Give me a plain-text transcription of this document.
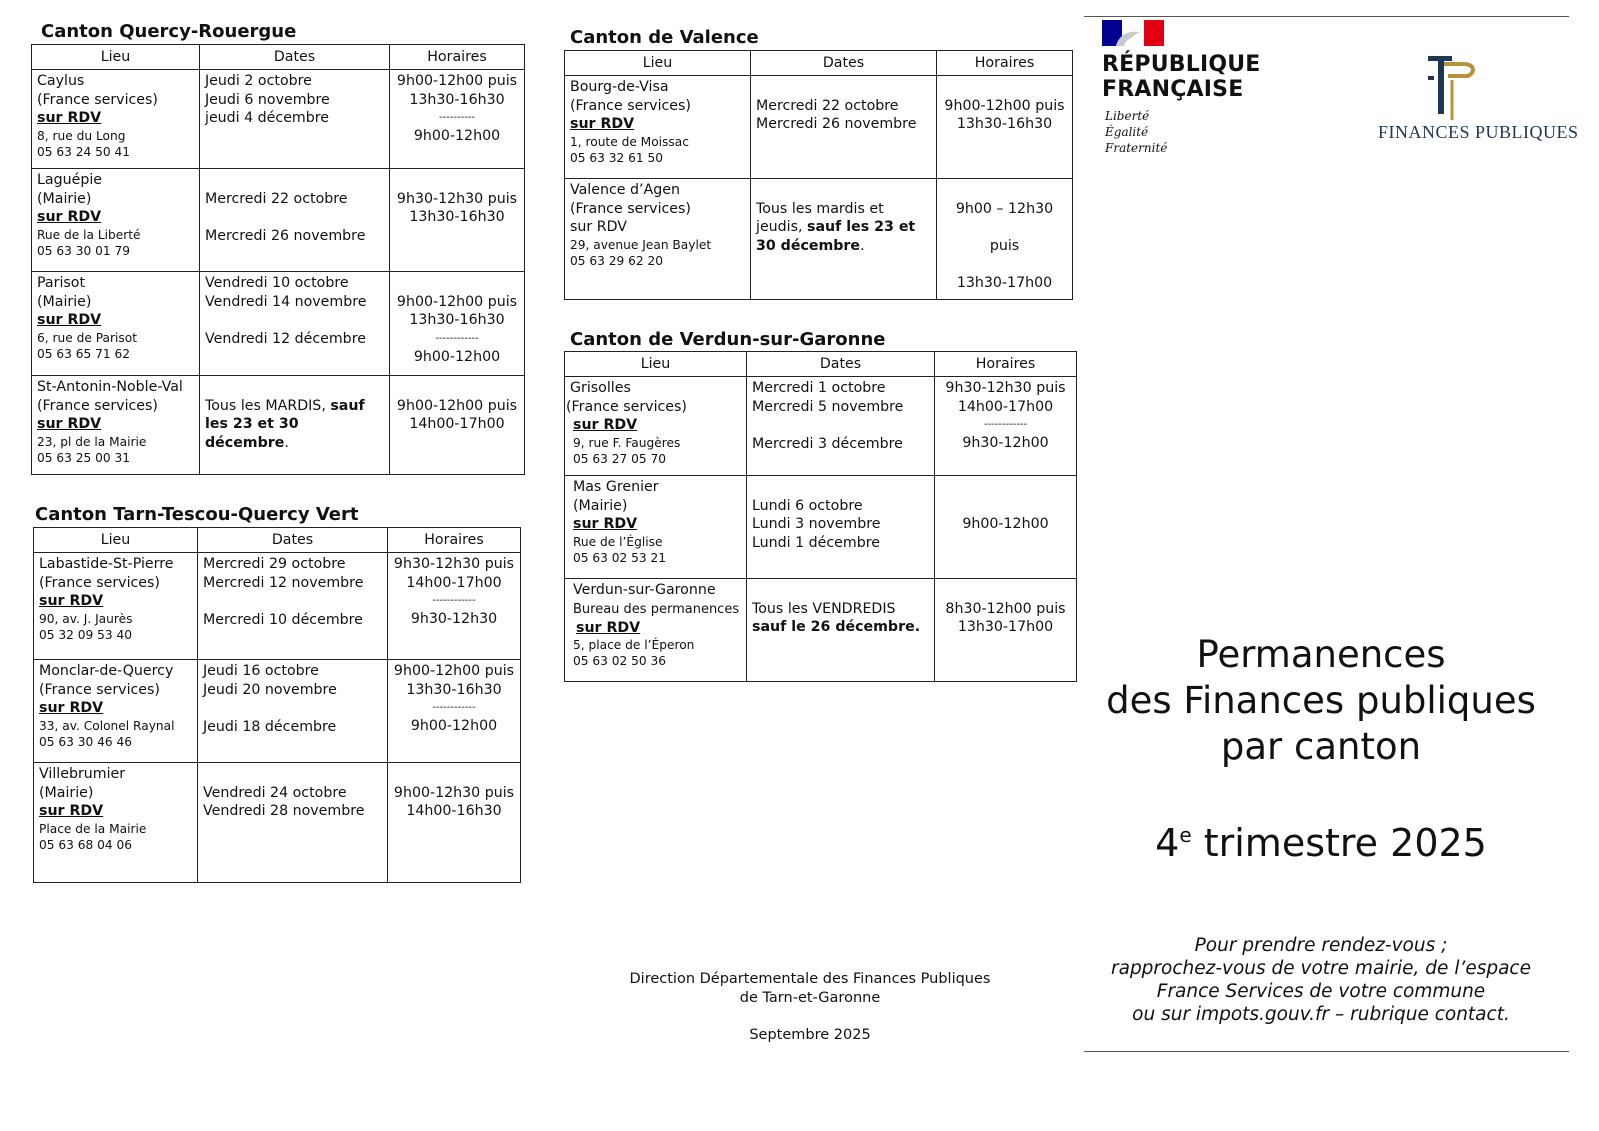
Canton Quercy-Rouergue
Lieu	Dates	Horaires

Caylus
(France services)
sur RDV
8, rue du Long
05 63 24 50 41	Jeudi 2 octobre
Jeudi 6 novembre
jeudi 4 décembre	9h00-12h00 puis
13h30-16h30
----------
9h00-12h00

Laguépie
(Mairie)
sur RDV
Rue de la Liberté
05 63 30 01 79	Mercredi 22 octobre
Mercredi 26 novembre	9h30-12h30 puis
13h30-16h30

Parisot
(Mairie)
sur RDV
6, rue de Parisot
05 63 65 71 62	Vendredi 10 octobre
Vendredi 14 novembre
Vendredi 12 décembre	9h00-12h00 puis
13h30-16h30
------------
9h00-12h00

St-Antonin-Noble-Val
(France services)
sur RDV
23, pl de la Mairie
05 63 25 00 31	Tous les MARDIS, sauf les 23 et 30 décembre.	9h00-12h00 puis
14h00-17h00
Canton Tarn-Tescou-Quercy Vert
Lieu	Dates	Horaires

Labastide-St-Pierre
(France services)
sur RDV
90, av. J. Jaurès
05 32 09 53 40	Mercredi 29 octobre
Mercredi 12 novembre
Mercredi 10 décembre	9h30-12h30 puis
14h00-17h00
------------
9h30-12h30

Monclar-de-Quercy
(France services)
sur RDV
33, av. Colonel Raynal
05 63 30 46 46	Jeudi 16 octobre
Jeudi 20 novembre
Jeudi 18 décembre	9h00-12h00 puis
13h30-16h30
------------
9h00-12h00

Villebrumier
(Mairie)
sur RDV
Place de la Mairie
05 63 68 04 06	Vendredi 24 octobre
Vendredi 28 novembre	9h00-12h30 puis
14h00-16h30
Canton de Valence
Lieu	Dates	Horaires

Bourg-de-Visa
(France services)
sur RDV
1, route de Moissac
05 63 32 61 50	Mercredi 22 octobre
Mercredi 26 novembre	9h00-12h00 puis
13h30-16h30

Valence d’Agen
(France services)
sur RDV
29, avenue Jean Baylet
05 63 29 62 20	Tous les mardis et jeudis, sauf les 23 et 30 décembre.	9h00 – 12h30
puis
13h30-17h00
Canton de Verdun-sur-Garonne
Lieu	Dates	Horaires

Grisolles
(France services)
sur RDV
9, rue F. Faugères
05 63 27 05 70	Mercredi 1 octobre
Mercredi 5 novembre
Mercredi 3 décembre	9h30-12h30 puis
14h00-17h00
------------
9h30-12h00

Mas Grenier
(Mairie)
sur RDV
Rue de l’Église
05 63 02 53 21	Lundi 6 octobre
Lundi 3 novembre
Lundi 1 décembre	9h00-12h00

Verdun-sur-Garonne
Bureau des permanences
sur RDV
5, place de l’Éperon
05 63 02 50 36	Tous les VENDREDIS
sauf le 26 décembre.	8h30-12h00 puis
13h30-17h00
Direction Départementale des Finances Publiques
de Tarn-et-Garonne
Septembre 2025
RÉPUBLIQUE
FRANÇAISE
Liberté
Égalité
Fraternité
FINANCES PUBLIQUES
Permanences
des Finances publiques
par canton
4e trimestre 2025
Pour prendre rendez-vous ;
rapprochez-vous de votre mairie, de l’espace
France Services de votre commune
ou sur impots.gouv.fr – rubrique contact.
